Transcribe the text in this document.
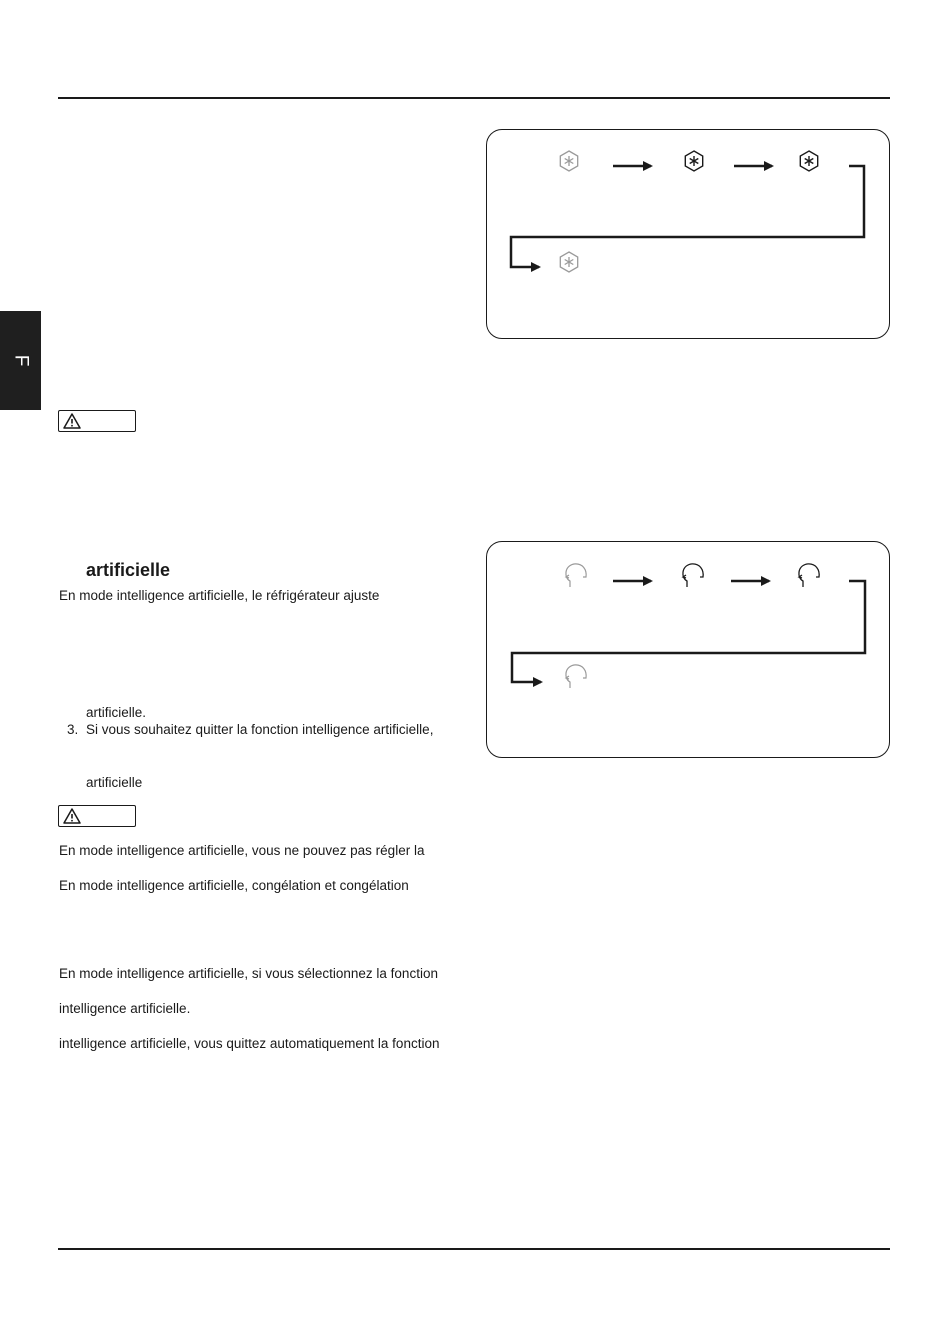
F
artificielle
En mode intelligence artificielle, le réfrigérateur ajuste
artificielle.
3. Si vous souhaitez quitter la fonction intelligence artificielle,
artificielle
En mode intelligence artificielle, vous ne pouvez pas régler la
En mode intelligence artificielle, congélation et congélation
En mode intelligence artificielle, si vous sélectionnez la fonction
intelligence artificielle.
intelligence artificielle, vous quittez automatiquement la fonction
